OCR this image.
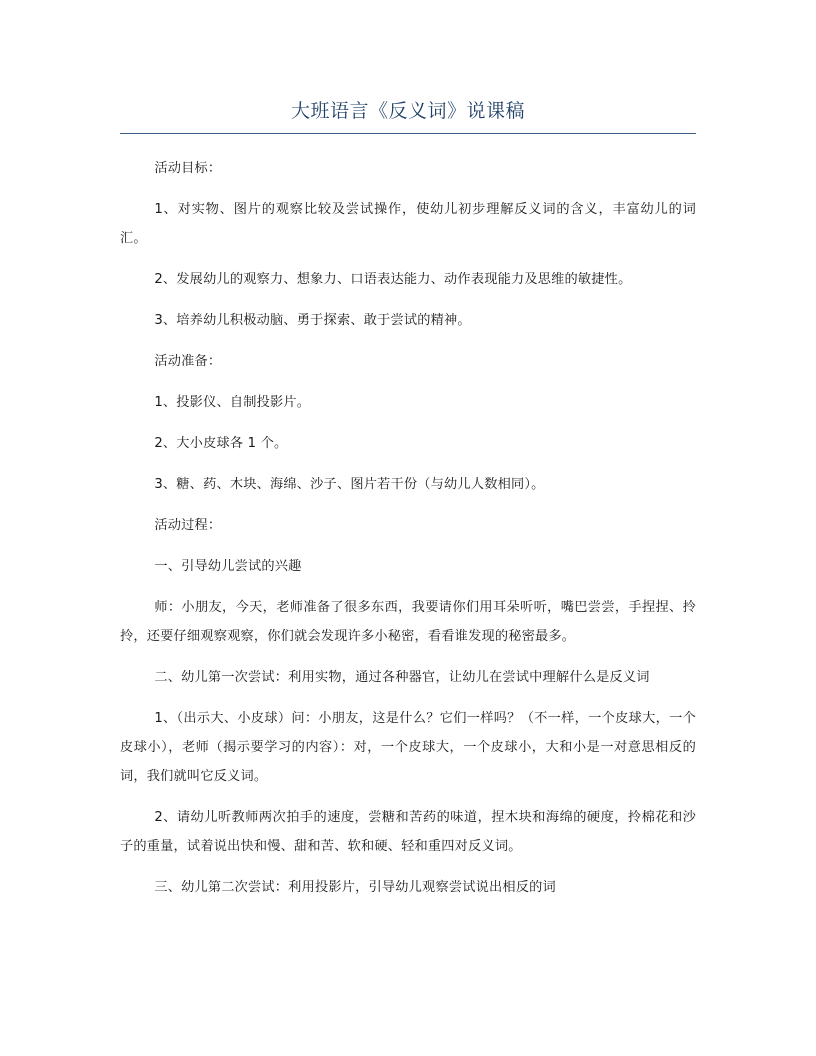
大班语言《反义词》说课稿

活动目标：

1、对实物、图片的观察比较及尝试操作，使幼儿初步理解反义词的含义，丰富幼儿的词汇。

2、发展幼儿的观察力、想象力、口语表达能力、动作表现能力及思维的敏捷性。

3、培养幼儿积极动脑、勇于探索、敢于尝试的精神。

活动准备：

1、投影仪、自制投影片。

2、大小皮球各 1 个。

3、糖、药、木块、海绵、沙子、图片若干份（与幼儿人数相同）。

活动过程：

一、引导幼儿尝试的兴趣

师：小朋友，今天，老师准备了很多东西，我要请你们用耳朵听听，嘴巴尝尝，手捏捏、拎拎，还要仔细观察观察，你们就会发现许多小秘密，看看谁发现的秘密最多。

二、幼儿第一次尝试：利用实物，通过各种器官，让幼儿在尝试中理解什么是反义词

1、（出示大、小皮球）问：小朋友，这是什么？它们一样吗？（不一样，一个皮球大，一个皮球小），老师（揭示要学习的内容）：对，一个皮球大，一个皮球小，大和小是一对意思相反的词，我们就叫它反义词。

2、请幼儿听教师两次拍手的速度，尝糖和苦药的味道，捏木块和海绵的硬度，拎棉花和沙子的重量，试着说出快和慢、甜和苦、软和硬、轻和重四对反义词。

三、幼儿第二次尝试：利用投影片，引导幼儿观察尝试说出相反的词
